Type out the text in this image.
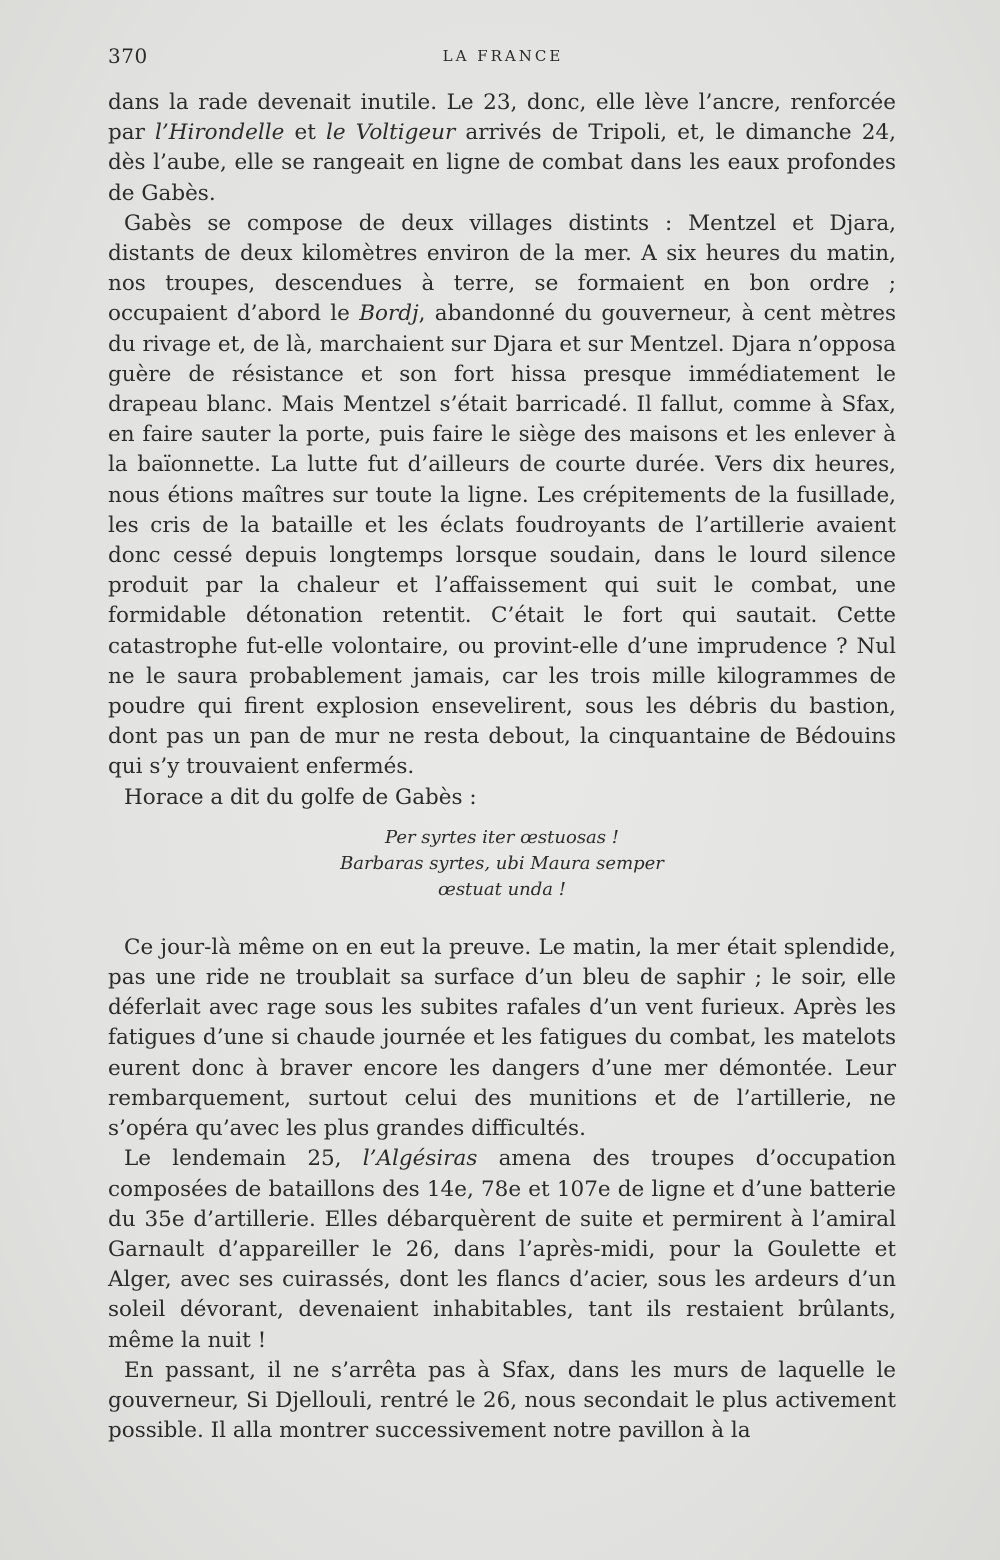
370	LA FRANCE

dans la rade devenait inutile. Le 23, donc, elle lève l’ancre, renforcée par l’Hirondelle et le Voltigeur arrivés de Tripoli, et, le dimanche 24, dès l’aube, elle se rangeait en ligne de combat dans les eaux profondes de Gabès.

Gabès se compose de deux villages distints : Mentzel et Djara, distants de deux kilomètres environ de la mer. A six heures du matin, nos troupes, descendues à terre, se formaient en bon ordre ; occupaient d’abord le Bordj, abandonné du gouverneur, à cent mètres du rivage et, de là, marchaient sur Djara et sur Mentzel. Djara n’opposa guère de résistance et son fort hissa presque immédiatement le drapeau blanc. Mais Mentzel s’était barricadé. Il fallut, comme à Sfax, en faire sauter la porte, puis faire le siège des maisons et les enlever à la baïonnette. La lutte fut d’ailleurs de courte durée. Vers dix heures, nous étions maîtres sur toute la ligne. Les crépitements de la fusillade, les cris de la bataille et les éclats foudroyants de l’artillerie avaient donc cessé depuis longtemps lorsque soudain, dans le lourd silence produit par la chaleur et l’affaissement qui suit le combat, une formidable détonation retentit. C’était le fort qui sautait. Cette catastrophe fut-elle volontaire, ou provint-elle d’une imprudence ? Nul ne le saura probablement jamais, car les trois mille kilogrammes de poudre qui firent explosion ensevelirent, sous les débris du bastion, dont pas un pan de mur ne resta debout, la cinquantaine de Bédouins qui s’y trouvaient enfermés.

Horace a dit du golfe de Gabès :

Per syrtes iter œstuosas !
Barbaras syrtes, ubi Maura semper
œstuat unda !

Ce jour-là même on en eut la preuve. Le matin, la mer était splendide, pas une ride ne troublait sa surface d’un bleu de saphir ; le soir, elle déferlait avec rage sous les subites rafales d’un vent furieux. Après les fatigues d’une si chaude journée et les fatigues du combat, les matelots eurent donc à braver encore les dangers d’une mer démontée. Leur rembarquement, surtout celui des munitions et de l’artillerie, ne s’opéra qu’avec les plus grandes difficultés.

Le lendemain 25, l’Algésiras amena des troupes d’occupation composées de bataillons des 14e, 78e et 107e de ligne et d’une batterie du 35e d’artillerie. Elles débarquèrent de suite et permirent à l’amiral Garnault d’appareiller le 26, dans l’après-midi, pour la Goulette et Alger, avec ses cuirassés, dont les flancs d’acier, sous les ardeurs d’un soleil dévorant, devenaient inhabitables, tant ils restaient brûlants, même la nuit !

En passant, il ne s’arrêta pas à Sfax, dans les murs de laquelle le gouverneur, Si Djellouli, rentré le 26, nous secondait le plus activement possible. Il alla montrer successivement notre pavillon à la
